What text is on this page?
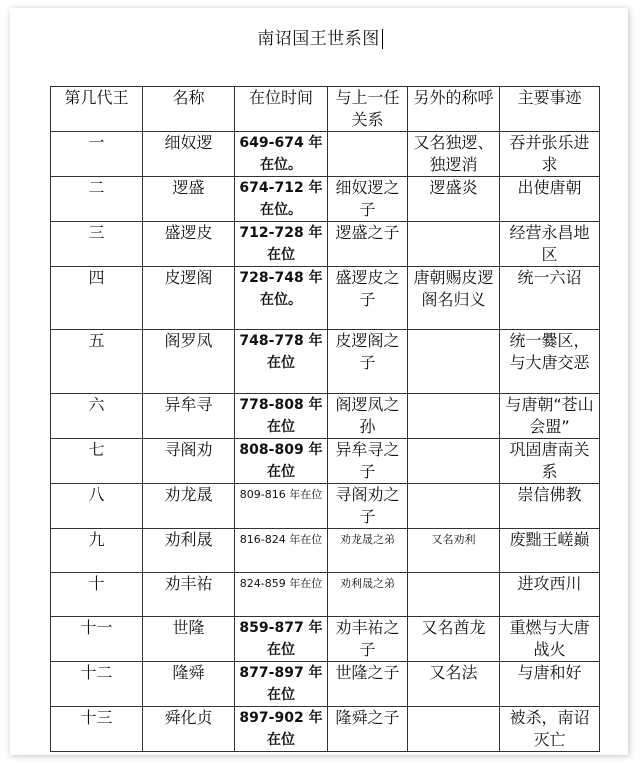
南诏国王世系图
第几代王	名称	在位时间	与上一任关系	另外的称呼	主要事迹
一	细奴逻	649-674 年在位。		又名独逻、独逻消	吞并张乐进求
二	逻盛	674-712 年在位。	细奴逻之子	逻盛炎	出使唐朝
三	盛逻皮	712-728 年在位	逻盛之子		经营永昌地区
四	皮逻阁	728-748 年在位。	盛逻皮之子	唐朝赐皮逻阁名归义	统一六诏
五	阁罗凤	748-778 年在位	皮逻阁之子		统一爨区，与大唐交恶
六	异牟寻	778-808 年在位	阁逻凤之孙		与唐朝“苍山会盟”
七	寻阁劝	808-809 年在位	异牟寻之子		巩固唐南关系
八	劝龙晟	809-816 年在位	寻阁劝之子		崇信佛教
九	劝利晟	816-824 年在位	劝龙晟之弟	又名劝利	废黜王嵯巅
十	劝丰祐	824-859 年在位	劝利晟之弟		进攻西川
十一	世隆	859-877 年在位	劝丰祐之子	又名酋龙	重燃与大唐战火
十二	隆舜	877-897 年在位	世隆之子	又名法	与唐和好
十三	舜化贞	897-902 年在位	隆舜之子		被杀，南诏灭亡
